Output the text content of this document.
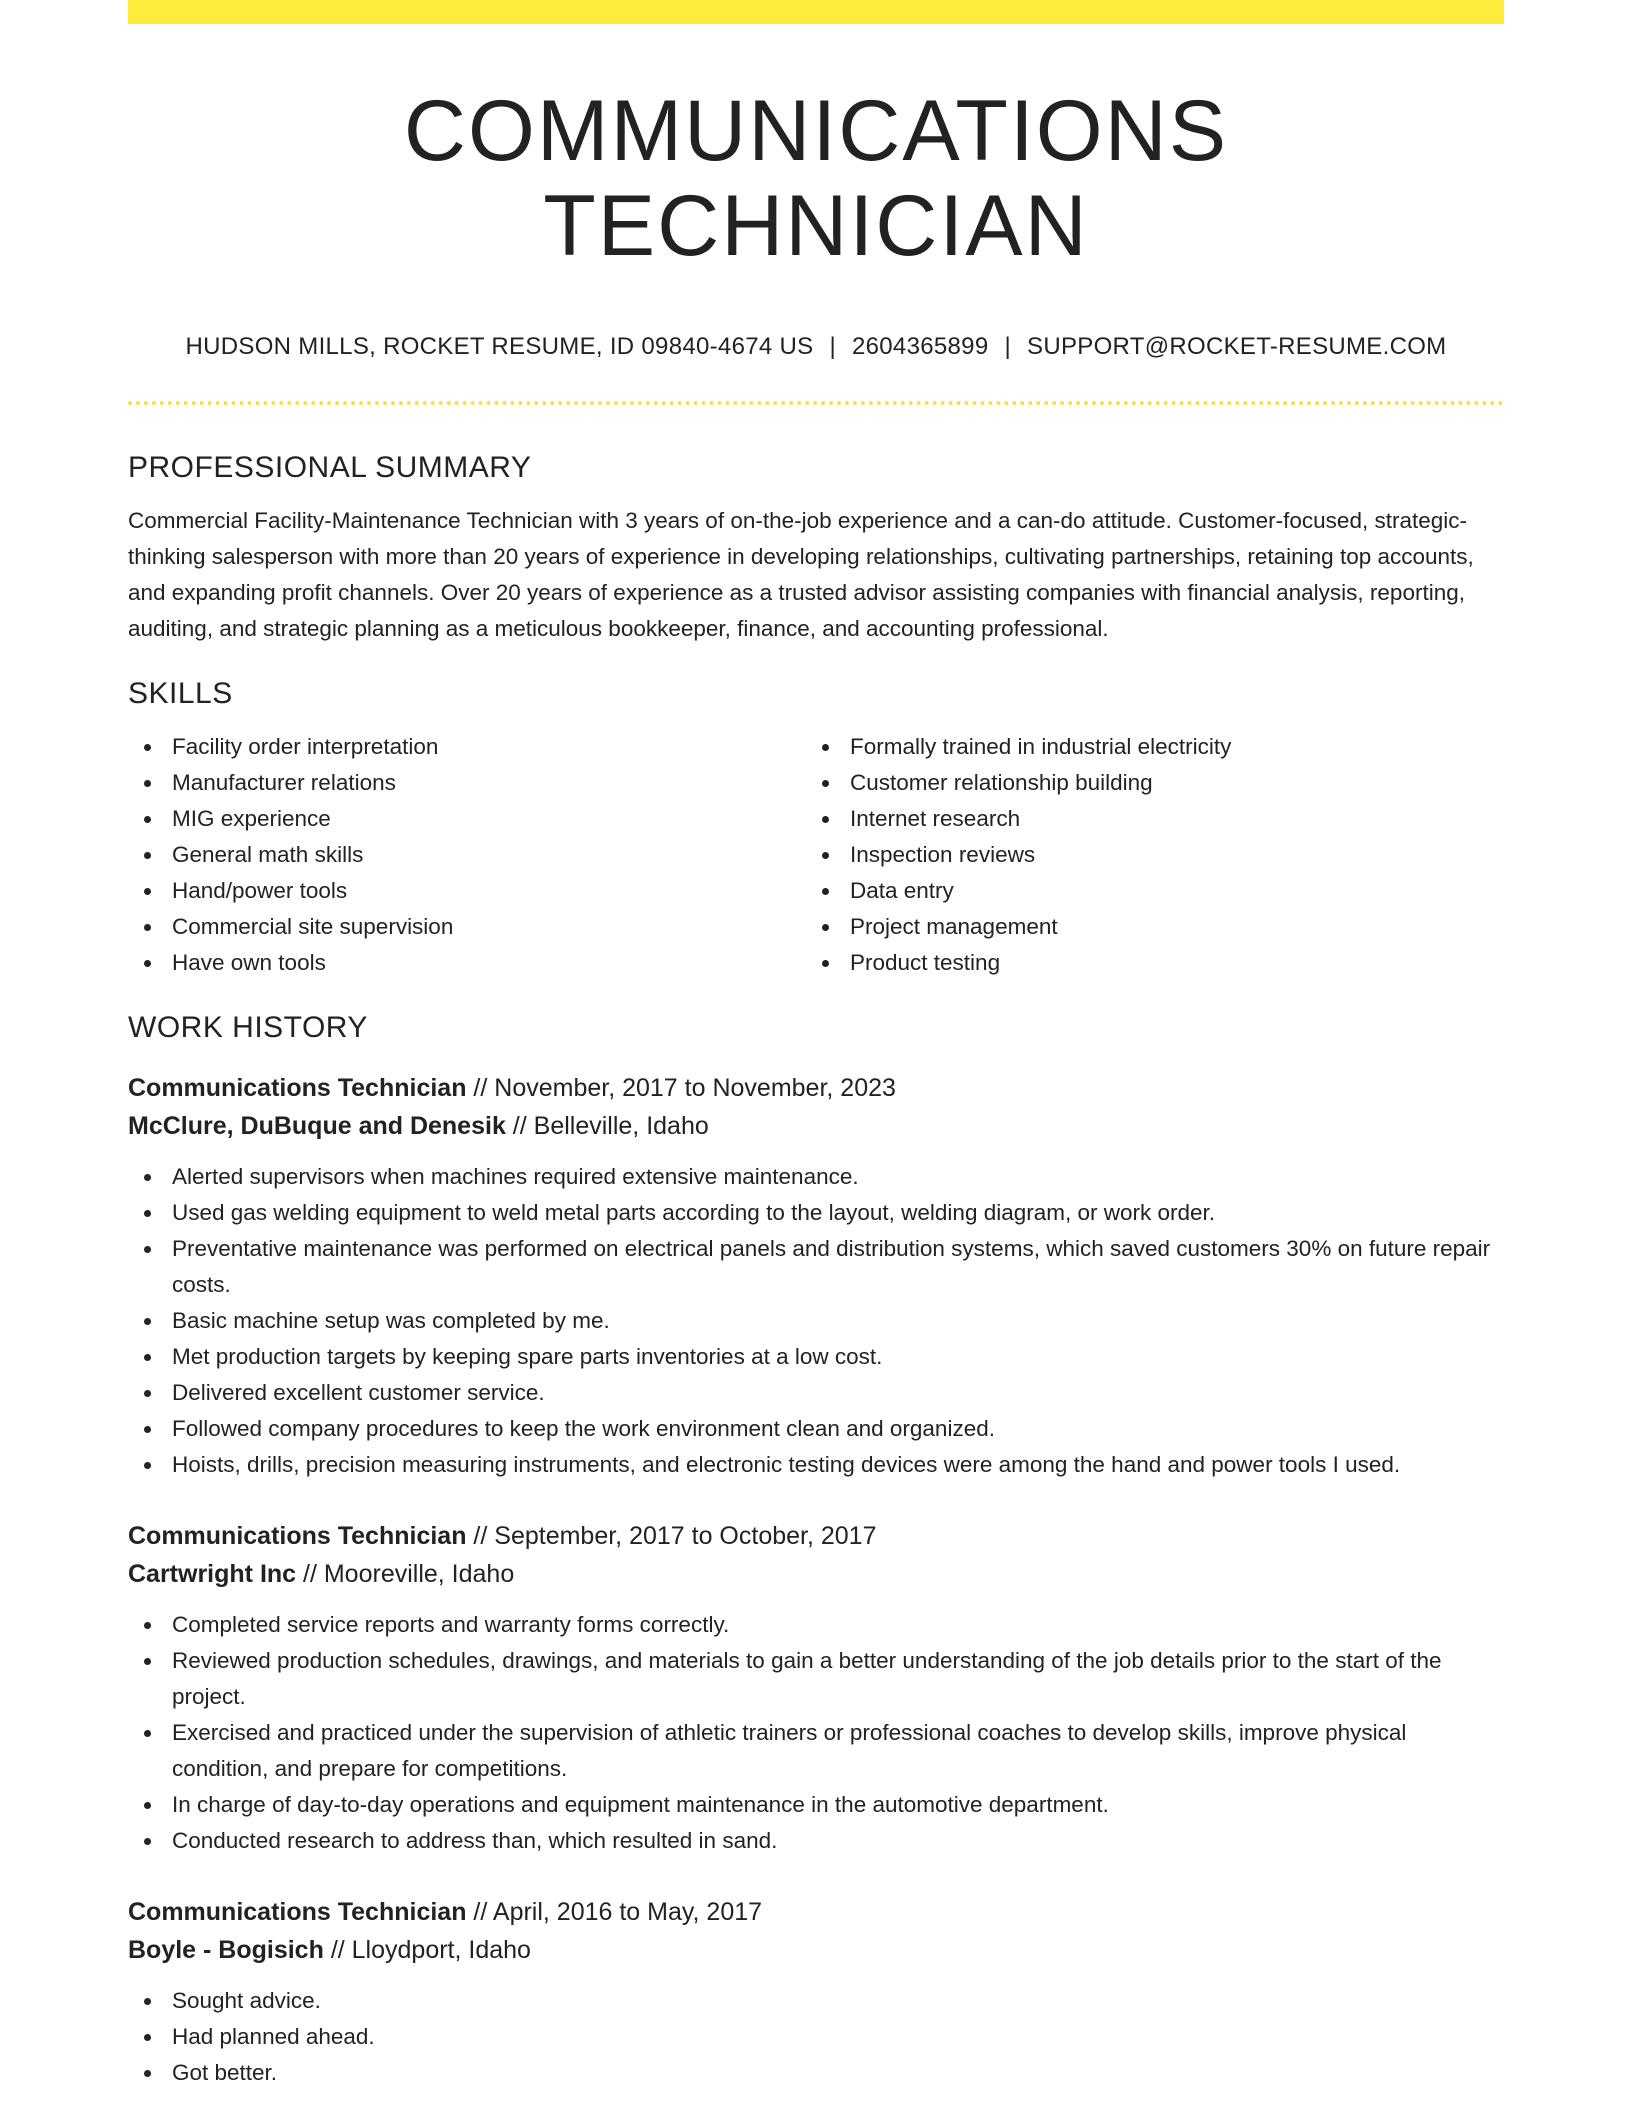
COMMUNICATIONS TECHNICIAN
HUDSON MILLS, ROCKET RESUME, ID 09840-4674 US | 2604365899 | SUPPORT@ROCKET-RESUME.COM
PROFESSIONAL SUMMARY
Commercial Facility-Maintenance Technician with 3 years of on-the-job experience and a can-do attitude. Customer-focused, strategic-thinking salesperson with more than 20 years of experience in developing relationships, cultivating partnerships, retaining top accounts, and expanding profit channels. Over 20 years of experience as a trusted advisor assisting companies with financial analysis, reporting, auditing, and strategic planning as a meticulous bookkeeper, finance, and accounting professional.
SKILLS
Facility order interpretation
Manufacturer relations
MIG experience
General math skills
Hand/power tools
Commercial site supervision
Have own tools
Formally trained in industrial electricity
Customer relationship building
Internet research
Inspection reviews
Data entry
Project management
Product testing
WORK HISTORY
Communications Technician // November, 2017 to November, 2023
McClure, DuBuque and Denesik // Belleville, Idaho
Alerted supervisors when machines required extensive maintenance.
Used gas welding equipment to weld metal parts according to the layout, welding diagram, or work order.
Preventative maintenance was performed on electrical panels and distribution systems, which saved customers 30% on future repair costs.
Basic machine setup was completed by me.
Met production targets by keeping spare parts inventories at a low cost.
Delivered excellent customer service.
Followed company procedures to keep the work environment clean and organized.
Hoists, drills, precision measuring instruments, and electronic testing devices were among the hand and power tools I used.
Communications Technician // September, 2017 to October, 2017
Cartwright Inc // Mooreville, Idaho
Completed service reports and warranty forms correctly.
Reviewed production schedules, drawings, and materials to gain a better understanding of the job details prior to the start of the project.
Exercised and practiced under the supervision of athletic trainers or professional coaches to develop skills, improve physical condition, and prepare for competitions.
In charge of day-to-day operations and equipment maintenance in the automotive department.
Conducted research to address than, which resulted in sand.
Communications Technician // April, 2016 to May, 2017
Boyle - Bogisich // Lloydport, Idaho
Sought advice.
Had planned ahead.
Got better.
